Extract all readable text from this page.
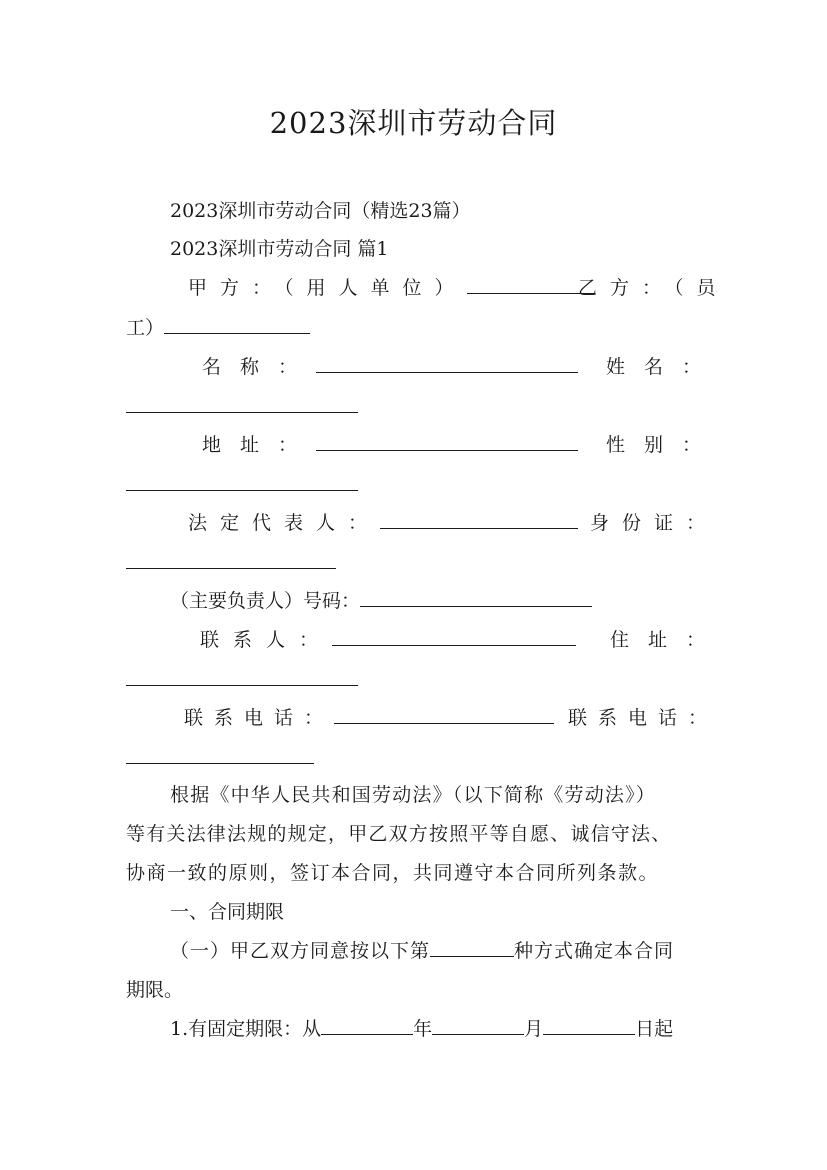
2023深圳市劳动合同
2023深圳市劳动合同（精选23篇）
2023深圳市劳动合同 篇1
甲方：（用人单位）	乙方：（员
工）
名称：	姓名：
地址：	性别：
法定代表人：	身份证：
（主要负责人）号码：
联系人：	住址：
联系电话：	联系电话：
根据《中华人民共和国劳动法》（以下简称《劳动法》）
等有关法律法规的规定，甲乙双方按照平等自愿、诚信守法、
协商一致的原则，签订本合同，共同遵守本合同所列条款。
一、合同期限
（一）甲乙双方同意按以下第	种方式确定本合同
期限。
1.有固定期限：从	年	月	日起
